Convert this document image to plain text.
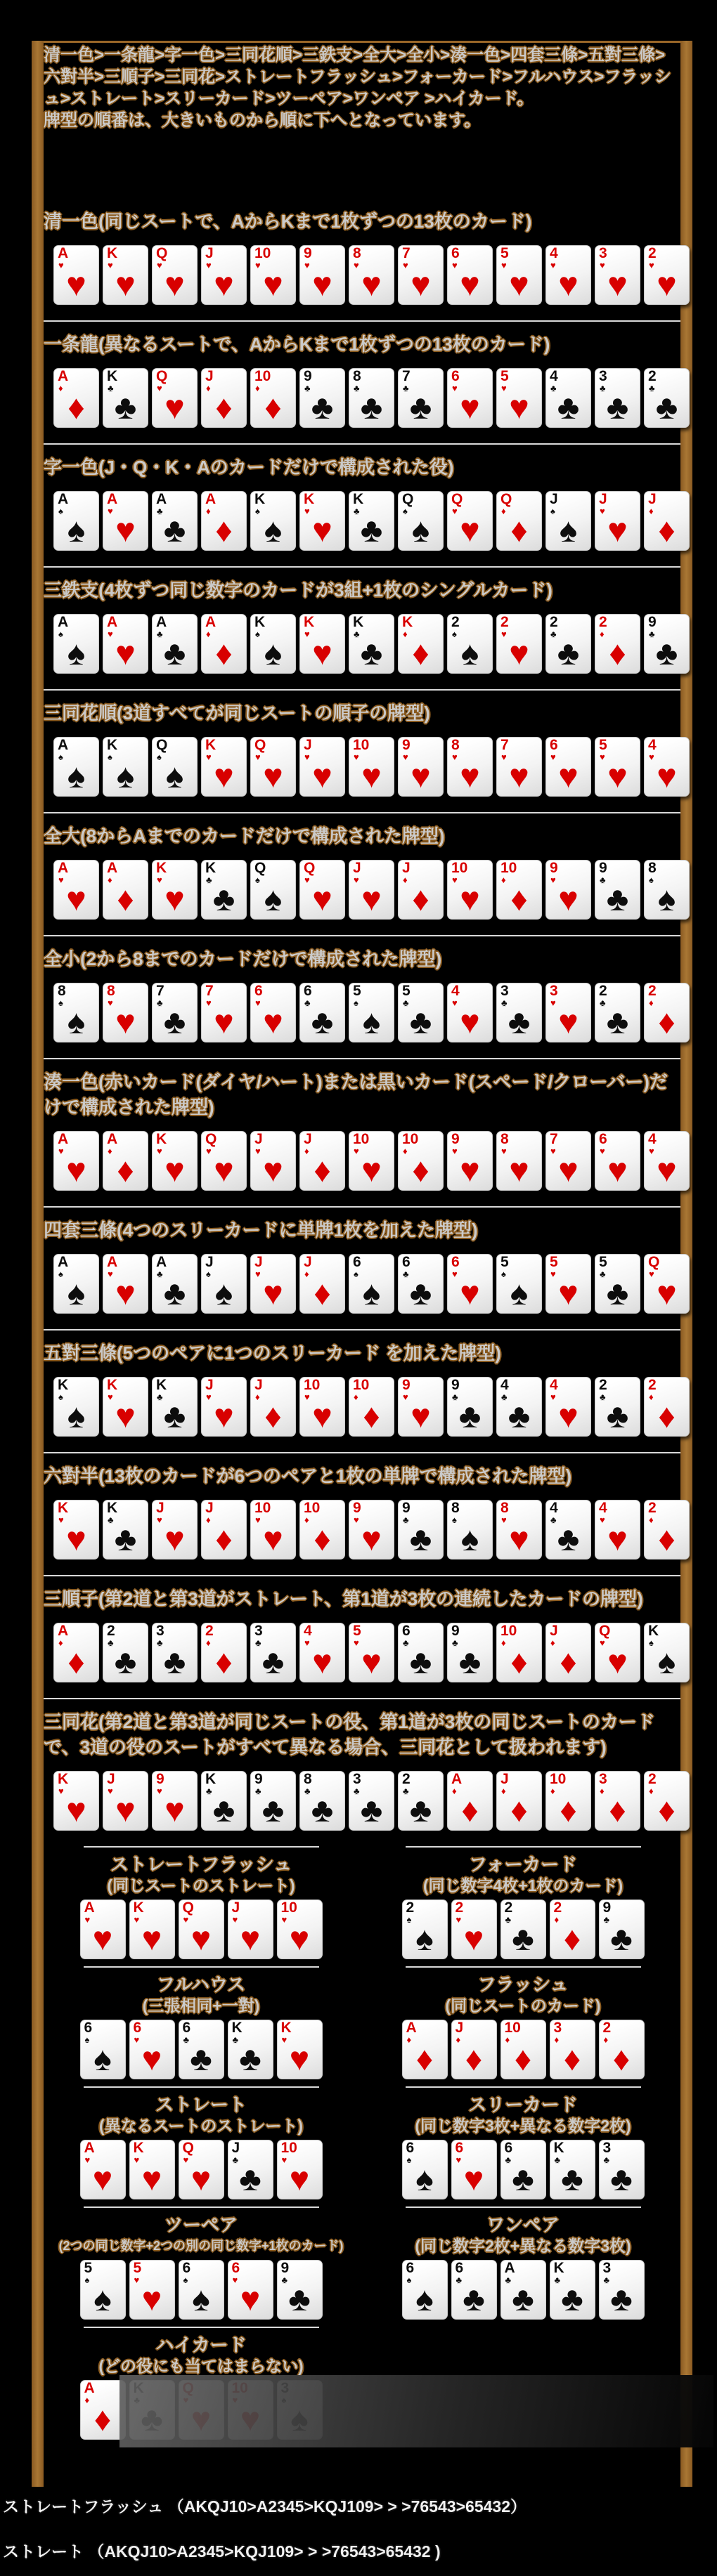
清一色>一条龍>字一色>三同花順>三鉄支>全大>全小>湊一色>四套三條>五對三條>六對半>三順子>三同花>ストレートフラッシュ>フォーカード>フルハウス>フラッシュ>ストレート>スリーカード>ツーペア>ワンペア >ハイカード。
牌型の順番は、大きいものから順に下へとなっています。
清一色(同じスートで、AからKまで1枚ずつの13枚のカード)
A
♥
♥
K
♥
♥
Q
♥
♥
J
♥
♥
10
♥
♥
9
♥
♥
8
♥
♥
7
♥
♥
6
♥
♥
5
♥
♥
4
♥
♥
3
♥
♥
2
♥
♥
一条龍(異なるスートで、AからKまで1枚ずつの13枚のカード)
A
♦
♦
K
♣
♣
Q
♥
♥
J
♦
♦
10
♦
♦
9
♣
♣
8
♣
♣
7
♣
♣
6
♥
♥
5
♥
♥
4
♣
♣
3
♣
♣
2
♣
♣
字一色(J・Q・K・Aのカードだけで構成された役)
A
♠
♠
A
♥
♥
A
♣
♣
A
♦
♦
K
♠
♠
K
♥
♥
K
♣
♣
Q
♠
♠
Q
♥
♥
Q
♦
♦
J
♠
♠
J
♥
♥
J
♦
♦
三鉄支(4枚ずつ同じ数字のカードが3組+1枚のシングルカード)
A
♠
♠
A
♥
♥
A
♣
♣
A
♦
♦
K
♠
♠
K
♥
♥
K
♣
♣
K
♦
♦
2
♠
♠
2
♥
♥
2
♣
♣
2
♦
♦
9
♣
♣
三同花順(3道すべてが同じスートの順子の牌型)
A
♠
♠
K
♠
♠
Q
♠
♠
K
♥
♥
Q
♥
♥
J
♥
♥
10
♥
♥
9
♥
♥
8
♥
♥
7
♥
♥
6
♥
♥
5
♥
♥
4
♥
♥
全大(8からAまでのカードだけで構成された牌型)
A
♥
♥
A
♦
♦
K
♥
♥
K
♣
♣
Q
♠
♠
Q
♥
♥
J
♥
♥
J
♦
♦
10
♥
♥
10
♦
♦
9
♥
♥
9
♣
♣
8
♠
♠
全小(2から8までのカードだけで構成された牌型)
8
♠
♠
8
♥
♥
7
♣
♣
7
♥
♥
6
♥
♥
6
♣
♣
5
♠
♠
5
♣
♣
4
♥
♥
3
♣
♣
3
♥
♥
2
♣
♣
2
♦
♦
湊一色(赤いカード(ダイヤ/ハート)または黒いカード(スペード/クローバー)だけで構成された牌型)
A
♥
♥
A
♦
♦
K
♥
♥
Q
♥
♥
J
♥
♥
J
♦
♦
10
♥
♥
10
♦
♦
9
♥
♥
8
♥
♥
7
♥
♥
6
♥
♥
4
♥
♥
四套三條(4つのスリーカードに単牌1枚を加えた牌型)
A
♠
♠
A
♥
♥
A
♣
♣
J
♠
♠
J
♥
♥
J
♦
♦
6
♠
♠
6
♣
♣
6
♥
♥
5
♠
♠
5
♥
♥
5
♣
♣
Q
♥
♥
五對三條(5つのペアに1つのスリーカード を加えた牌型)
K
♠
♠
K
♥
♥
K
♣
♣
J
♥
♥
J
♦
♦
10
♥
♥
10
♦
♦
9
♥
♥
9
♣
♣
4
♣
♣
4
♥
♥
2
♣
♣
2
♦
♦
六對半(13枚のカードが6つのペアと1枚の単牌で構成された牌型)
K
♥
♥
K
♣
♣
J
♥
♥
J
♦
♦
10
♥
♥
10
♦
♦
9
♥
♥
9
♣
♣
8
♠
♠
8
♥
♥
4
♣
♣
4
♥
♥
2
♦
♦
三順子(第2道と第3道がストレート、第1道が3枚の連続したカードの牌型)
A
♦
♦
2
♣
♣
3
♣
♣
2
♦
♦
3
♣
♣
4
♥
♥
5
♥
♥
6
♣
♣
9
♣
♣
10
♦
♦
J
♦
♦
Q
♥
♥
K
♠
♠
三同花(第2道と第3道が同じスートの役、第1道が3枚の同じスートのカードで、3道の役のスートがすべて異なる場合、三同花として扱われます)
K
♥
♥
J
♥
♥
9
♥
♥
K
♣
♣
9
♣
♣
8
♣
♣
3
♣
♣
2
♣
♣
A
♦
♦
J
♦
♦
10
♦
♦
3
♦
♦
2
♦
♦
ストレートフラッシュ
(同じスートのストレート)
A
♥
♥
K
♥
♥
Q
♥
♥
J
♥
♥
10
♥
♥
フォーカード
(同じ数字4枚+1枚のカード)
2
♠
♠
2
♥
♥
2
♣
♣
2
♦
♦
9
♣
♣
フルハウス
(三張相同+一對)
6
♠
♠
6
♥
♥
6
♣
♣
K
♣
♣
K
♥
♥
フラッシュ
(同じスートのカード)
A
♦
♦
J
♦
♦
10
♦
♦
3
♦
♦
2
♦
♦
ストレート
(異なるスートのストレート)
A
♥
♥
K
♥
♥
Q
♥
♥
J
♣
♣
10
♥
♥
スリーカード
(同じ数字3枚+異なる数字2枚)
6
♠
♠
6
♥
♥
6
♣
♣
K
♣
♣
3
♣
♣
ツーペア
(2つの同じ数字+2つの別の同じ数字+1枚のカード)
5
♠
♠
5
♥
♥
6
♠
♠
6
♥
♥
9
♣
♣
ワンペア
(同じ数字2枚+異なる数字3枚)
6
♠
♠
6
♣
♣
A
♣
♣
K
♣
♣
3
♣
♣
ハイカード
(どの役にも当てはまらない)
A
♦
♦
ストレートフラッシュ （AKQJ10>A2345>KQJ109> > >76543>65432）
ストレート （AKQJ10>A2345>KQJ109> > >76543>65432 )
